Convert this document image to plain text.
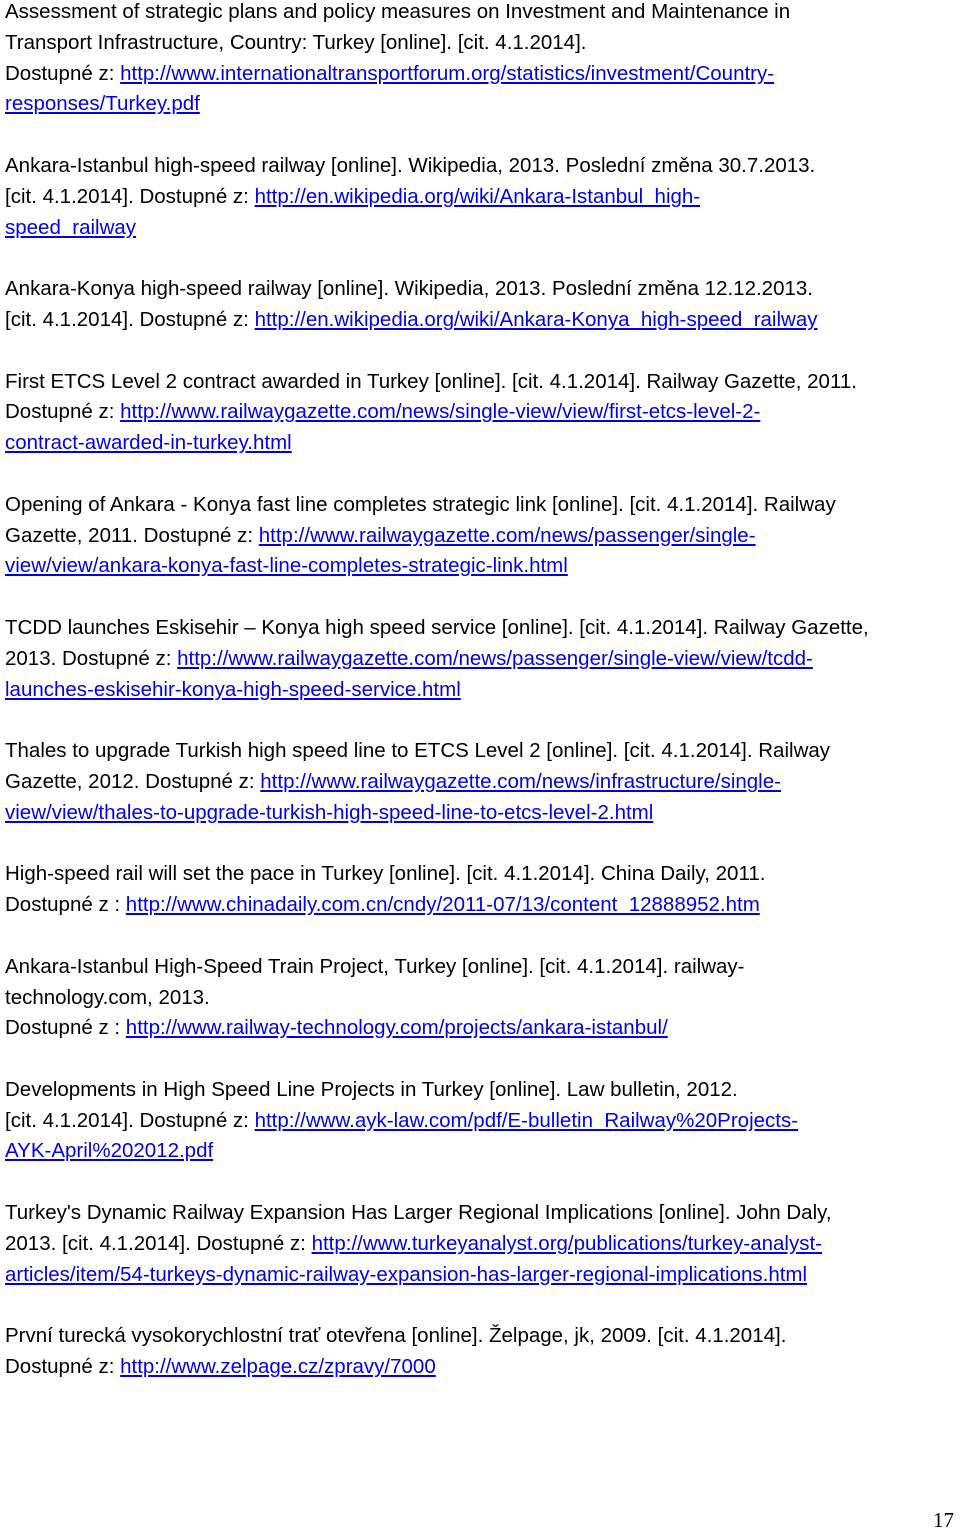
Assessment of strategic plans and policy measures on Investment and Maintenance in
Transport Infrastructure, Country: Turkey [online]. [cit. 4.1.2014].
Dostupné z: http://www.internationaltransportforum.org/statistics/investment/Country-
responses/Turkey.pdf
Ankara-Istanbul high-speed railway [online]. Wikipedia, 2013. Poslední změna 30.7.2013.
[cit. 4.1.2014]. Dostupné z: http://en.wikipedia.org/wiki/Ankara-Istanbul_high-
speed_railway
Ankara-Konya high-speed railway [online]. Wikipedia, 2013. Poslední změna 12.12.2013.
[cit. 4.1.2014]. Dostupné z: http://en.wikipedia.org/wiki/Ankara-Konya_high-speed_railway
First ETCS Level 2 contract awarded in Turkey [online]. [cit. 4.1.2014]. Railway Gazette, 2011.
Dostupné z: http://www.railwaygazette.com/news/single-view/view/first-etcs-level-2-
contract-awarded-in-turkey.html
Opening of Ankara - Konya fast line completes strategic link [online]. [cit. 4.1.2014]. Railway
Gazette, 2011. Dostupné z: http://www.railwaygazette.com/news/passenger/single-
view/view/ankara-konya-fast-line-completes-strategic-link.html
TCDD launches Eskisehir – Konya high speed service [online]. [cit. 4.1.2014]. Railway Gazette,
2013. Dostupné z: http://www.railwaygazette.com/news/passenger/single-view/view/tcdd-
launches-eskisehir-konya-high-speed-service.html
Thales to upgrade Turkish high speed line to ETCS Level 2 [online]. [cit. 4.1.2014]. Railway
Gazette, 2012. Dostupné z: http://www.railwaygazette.com/news/infrastructure/single-
view/view/thales-to-upgrade-turkish-high-speed-line-to-etcs-level-2.html
High-speed rail will set the pace in Turkey [online]. [cit. 4.1.2014]. China Daily, 2011.
Dostupné z : http://www.chinadaily.com.cn/cndy/2011-07/13/content_12888952.htm
Ankara-Istanbul High-Speed Train Project, Turkey [online]. [cit. 4.1.2014]. railway-
technology.com, 2013.
Dostupné z : http://www.railway-technology.com/projects/ankara-istanbul/
Developments in High Speed Line Projects in Turkey [online]. Law bulletin, 2012.
[cit. 4.1.2014]. Dostupné z: http://www.ayk-law.com/pdf/E-bulletin_Railway%20Projects-
AYK-April%202012.pdf
Turkey's Dynamic Railway Expansion Has Larger Regional Implications [online]. John Daly,
2013. [cit. 4.1.2014]. Dostupné z: http://www.turkeyanalyst.org/publications/turkey-analyst-
articles/item/54-turkeys-dynamic-railway-expansion-has-larger-regional-implications.html
První turecká vysokorychlostní trať otevřena [online]. Želpage, jk, 2009. [cit. 4.1.2014].
Dostupné z: http://www.zelpage.cz/zpravy/7000
17
